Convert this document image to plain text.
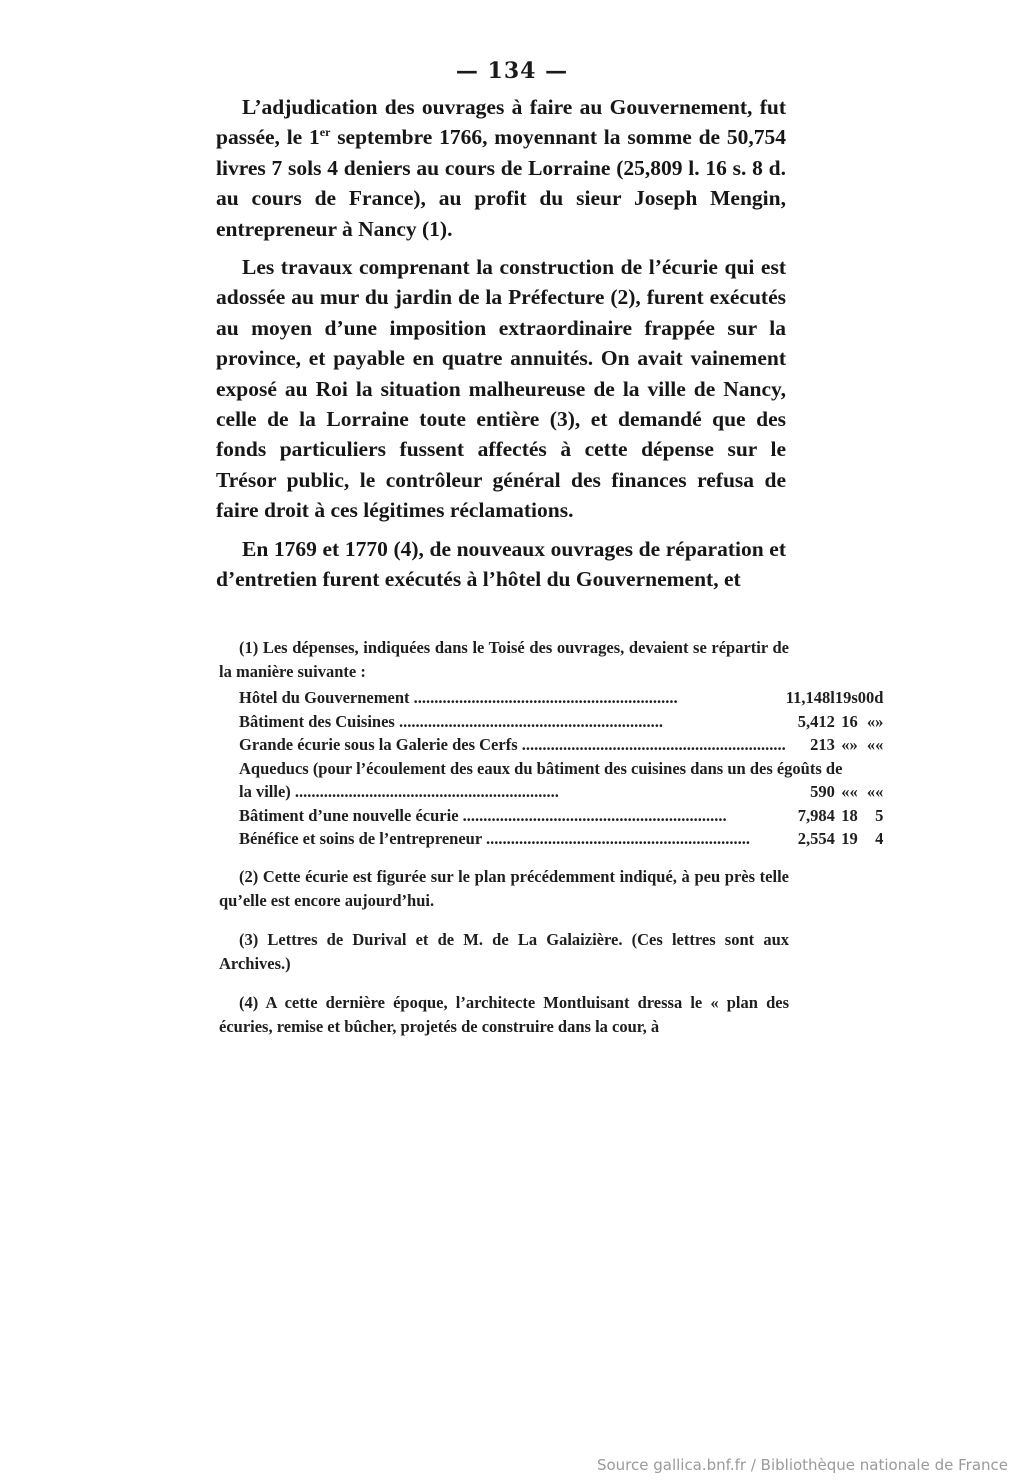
— 134 —

L’adjudication des ouvrages à faire au Gouvernement, fut passée, le 1er septembre 1766, moyennant la somme de 50,754 livres 7 sols 4 deniers au cours de Lorraine (25,809 l. 16 s. 8 d. au cours de France), au profit du sieur Joseph Mengin, entrepreneur à Nancy (1).

Les travaux comprenant la construction de l’écurie qui est adossée au mur du jardin de la Préfecture (2), furent exécutés au moyen d’une imposition extraordinaire frappée sur la province, et payable en quatre annuités. On avait vainement exposé au Roi la situation malheureuse de la ville de Nancy, celle de la Lorraine toute entière (3), et demandé que des fonds particuliers fussent affectés à cette dépense sur le Trésor public, le contrôleur général des finances refusa de faire droit à ces légitimes réclamations.

En 1769 et 1770 (4), de nouveaux ouvrages de réparation et d’entretien furent exécutés à l’hôtel du Gouvernement, et

(1) Les dépenses, indiquées dans le Toisé des ouvrages, devaient se répartir de la manière suivante :

Hôtel du Gouvernement .....	11,148l	19s	00d
Bâtiment des Cuisines .....	5,412	16	«»
Grande écurie sous la Galerie des Cerfs .....	213	«»	««
Aqueducs (pour l’écoulement des eaux du bâtiment des cuisines dans un des égoûts de			
la ville) .....	590	««	««
Bâtiment d’une nouvelle écurie .....	7,984	18	5
Bénéfice et soins de l’entrepreneur .....	2,554	19	4

(2) Cette écurie est figurée sur le plan précédemment indiqué, à peu près telle qu’elle est encore aujourd’hui.

(3) Lettres de Durival et de M. de La Galaizière. (Ces lettres sont aux Archives.)

(4) A cette dernière époque, l’architecte Montluisant dressa le « plan des écuries, remise et bûcher, projetés de construire dans la cour, à

Source gallica.bnf.fr / Bibliothèque nationale de France
